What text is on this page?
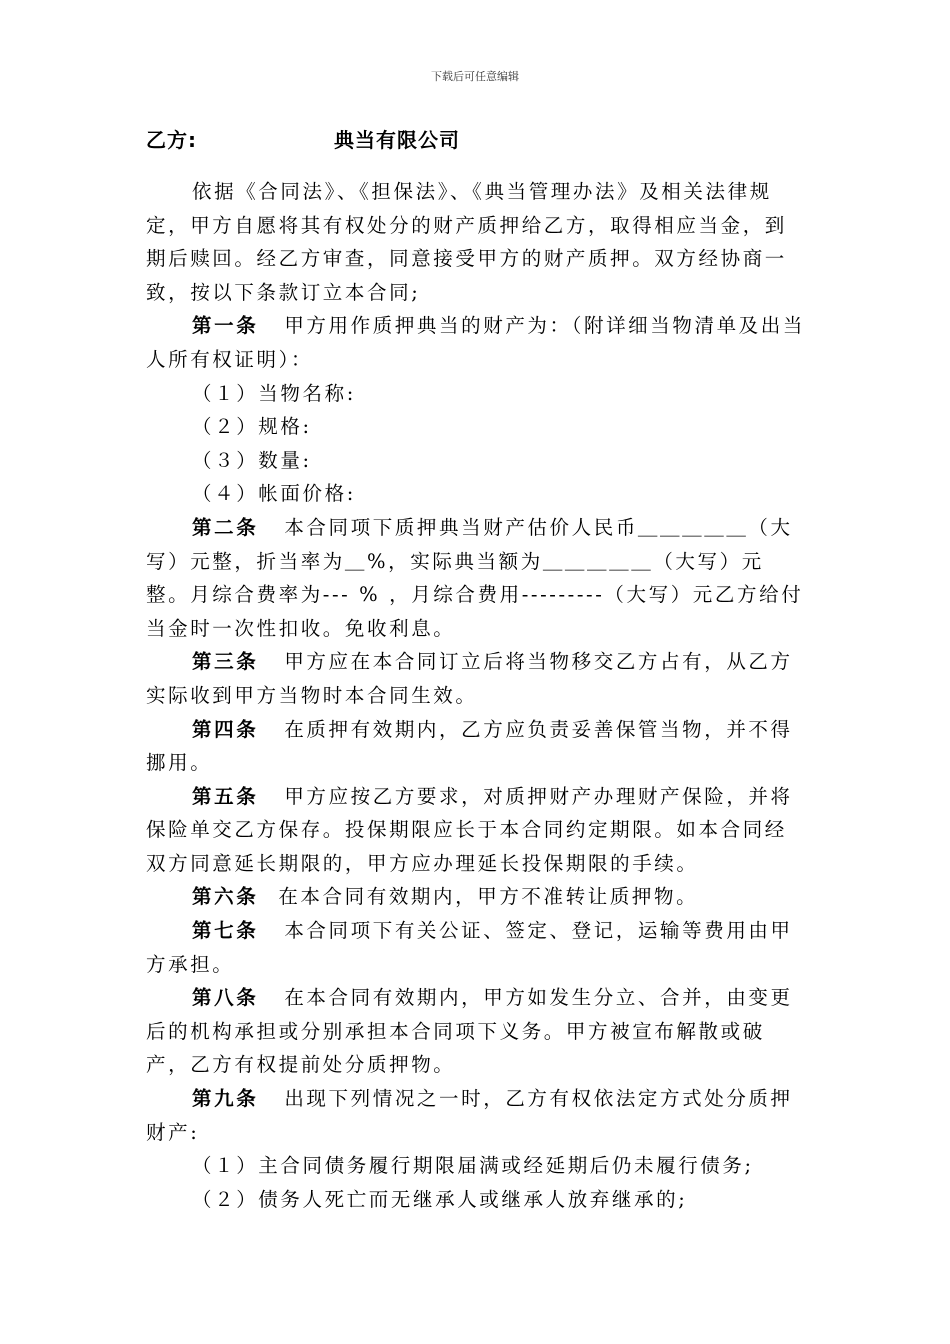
下载后可任意编辑
乙方:	典当有限公司

依据《合同法》、《担保法》、《典当管理办法》及相关法律规定，甲方自愿将其有权处分的财产质押给乙方，取得相应当金，到期后赎回。经乙方审查，同意接受甲方的财产质押。双方经协商一致，按以下条款订立本合同;

第一条 甲方用作质押典当的财产为：（附详细当物清单及出当人所有权证明）：

（１）当物名称:

（２）规格:

（３）数量:

（４）帐面价格:

第二条 本合同项下质押典当财产估价人民币＿＿＿＿＿（大写）元整，折当率为＿%，实际典当额为＿＿＿＿＿（大写）元整。月综合费率为--- % ，月综合费用---------（大写）元乙方给付当金时一次性扣收。免收利息。

第三条 甲方应在本合同订立后将当物移交乙方占有，从乙方实际收到甲方当物时本合同生效。

第四条 在质押有效期内，乙方应负责妥善保管当物，并不得挪用。

第五条 甲方应按乙方要求，对质押财产办理财产保险，并将保险单交乙方保存。投保期限应长于本合同约定期限。如本合同经双方同意延长期限的，甲方应办理延长投保期限的手续。

第六条 在本合同有效期内，甲方不准转让质押物。

第七条 本合同项下有关公证、签定、登记，运输等费用由甲方承担。

第八条 在本合同有效期内，甲方如发生分立、合并，由变更后的机构承担或分别承担本合同项下义务。甲方被宣布解散或破产，乙方有权提前处分质押物。

第九条 出现下列情况之一时，乙方有权依法定方式处分质押财产:

（１）主合同债务履行期限届满或经延期后仍未履行债务;

（２）债务人死亡而无继承人或继承人放弃继承的;
